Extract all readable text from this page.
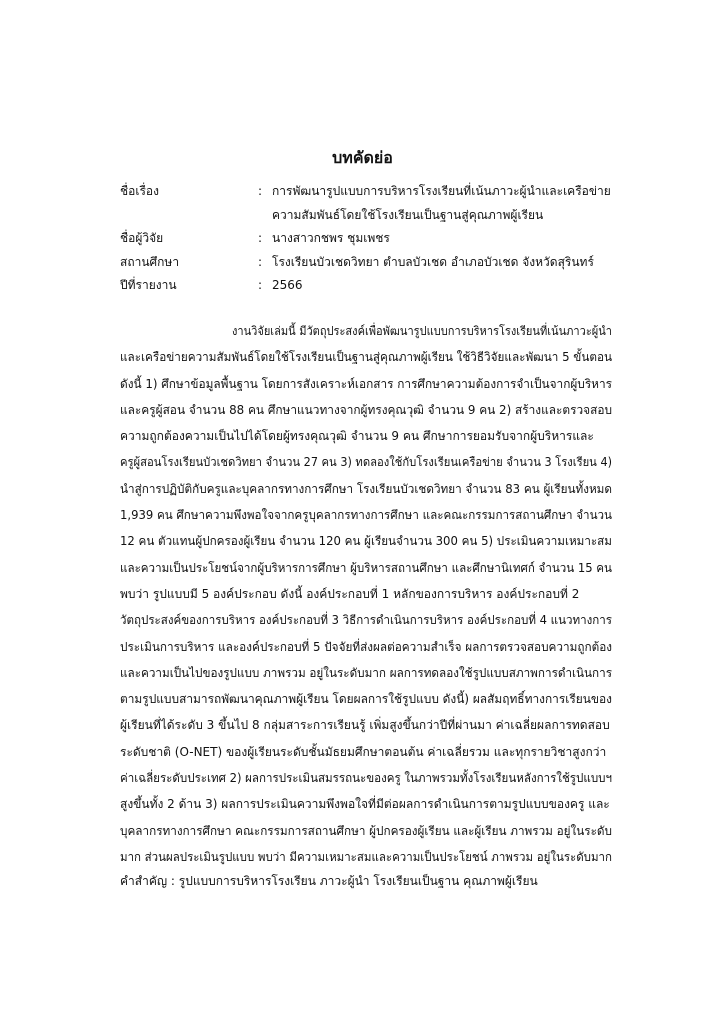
บทคัดย่อ
ชื่อเรื่อง	: การพัฒนารูปแบบการบริหารโรงเรียนที่เน้นภาวะผู้นำและเครือข่าย
ความสัมพันธ์โดยใช้โรงเรียนเป็นฐานสู่คุณภาพผู้เรียน
ชื่อผู้วิจัย	: นางสาวกชพร ชุมเพชร
สถานศึกษา	: โรงเรียนบัวเชดวิทยา ตำบลบัวเชด อำเภอบัวเชด จังหวัดสุรินทร์
ปีที่รายงาน	: 2566
งานวิจัยเล่มนี้ มีวัตถุประสงค์เพื่อพัฒนารูปแบบการบริหารโรงเรียนที่เน้นภาวะผู้นำ
และเครือข่ายความสัมพันธ์โดยใช้โรงเรียนเป็นฐานสู่คุณภาพผู้เรียน ใช้วิธีวิจัยและพัฒนา 5 ขั้นตอน
ดังนี้ 1) ศึกษาข้อมูลพื้นฐาน โดยการสังเคราะห์เอกสาร การศึกษาความต้องการจำเป็นจากผู้บริหาร
และครูผู้สอน จำนวน 88 คน ศึกษาแนวทางจากผู้ทรงคุณวุฒิ จำนวน 9 คน 2) สร้างและตรวจสอบ
ความถูกต้องความเป็นไปได้โดยผู้ทรงคุณวุฒิ จำนวน 9 คน ศึกษาการยอมรับจากผู้บริหารและ
ครูผู้สอนโรงเรียนบัวเชดวิทยา จำนวน 27 คน 3) ทดลองใช้กับโรงเรียนเครือข่าย จำนวน 3 โรงเรียน 4)
นำสู่การปฏิบัติกับครูและบุคลากรทางการศึกษา โรงเรียนบัวเชดวิทยา จำนวน 83 คน ผู้เรียนทั้งหมด
1,939 คน ศึกษาความพึงพอใจจากครูบุคลากรทางการศึกษา และคณะกรรมการสถานศึกษา จำนวน
12 คน ตัวแทนผู้ปกครองผู้เรียน จำนวน 120 คน ผู้เรียนจำนวน 300 คน 5) ประเมินความเหมาะสม
และความเป็นประโยชน์จากผู้บริหารการศึกษา ผู้บริหารสถานศึกษา และศึกษานิเทศก์ จำนวน 15 คน
พบว่า รูปแบบมี 5 องค์ประกอบ ดังนี้ องค์ประกอบที่ 1 หลักของการบริหาร องค์ประกอบที่ 2
วัตถุประสงค์ของการบริหาร องค์ประกอบที่ 3 วิธีการดำเนินการบริหาร องค์ประกอบที่ 4 แนวทางการ
ประเมินการบริหาร และองค์ประกอบที่ 5 ปัจจัยที่ส่งผลต่อความสำเร็จ ผลการตรวจสอบความถูกต้อง
และความเป็นไปของรูปแบบ ภาพรวม อยู่ในระดับมาก ผลการทดลองใช้รูปแบบสภาพการดำเนินการ
ตามรูปแบบสามารถพัฒนาคุณภาพผู้เรียน โดยผลการใช้รูปแบบ ดังนี้) ผลสัมฤทธิ์ทางการเรียนของ
ผู้เรียนที่ได้ระดับ 3 ขึ้นไป 8 กลุ่มสาระการเรียนรู้ เพิ่มสูงขึ้นกว่าปีที่ผ่านมา ค่าเฉลี่ยผลการทดสอบ
ระดับชาติ (O-NET) ของผู้เรียนระดับชั้นมัธยมศึกษาตอนต้น ค่าเฉลี่ยรวม และทุกรายวิชาสูงกว่า
ค่าเฉลี่ยระดับประเทศ 2) ผลการประเมินสมรรถนะของครู ในภาพรวมทั้งโรงเรียนหลังการใช้รูปแบบฯ
สูงขึ้นทั้ง 2 ด้าน 3) ผลการประเมินความพึงพอใจที่มีต่อผลการดำเนินการตามรูปแบบของครู และ
บุคลากรทางการศึกษา คณะกรรมการสถานศึกษา ผู้ปกครองผู้เรียน และผู้เรียน ภาพรวม อยู่ในระดับ
มาก ส่วนผลประเมินรูปแบบ พบว่า มีความเหมาะสมและความเป็นประโยชน์ ภาพรวม อยู่ในระดับมาก
คำสำคัญ : รูปแบบการบริหารโรงเรียน ภาวะผู้นำ โรงเรียนเป็นฐาน คุณภาพผู้เรียน
